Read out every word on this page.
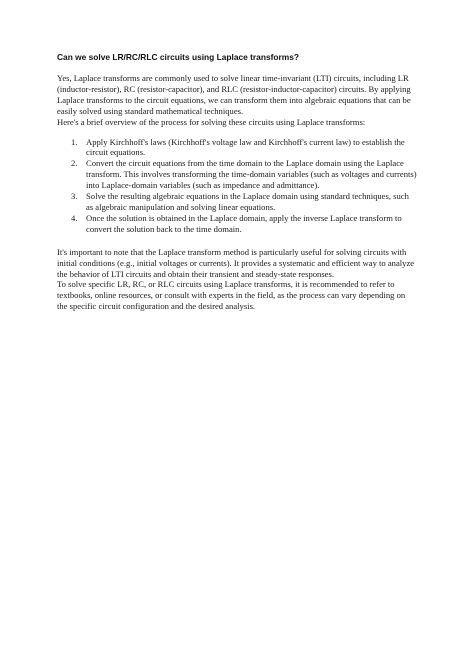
Can we solve LR/RC/RLC circuits using Laplace transforms?

Yes, Laplace transforms are commonly used to solve linear time-invariant (LTI) circuits, including LR (inductor-resistor), RC (resistor-capacitor), and RLC (resistor-inductor-capacitor) circuits. By applying Laplace transforms to the circuit equations, we can transform them into algebraic equations that can be easily solved using standard mathematical techniques.

Here's a brief overview of the process for solving these circuits using Laplace transforms:

1. Apply Kirchhoff's laws (Kirchhoff's voltage law and Kirchhoff's current law) to establish the circuit equations.
2. Convert the circuit equations from the time domain to the Laplace domain using the Laplace transform. This involves transforming the time-domain variables (such as voltages and currents) into Laplace-domain variables (such as impedance and admittance).
3. Solve the resulting algebraic equations in the Laplace domain using standard techniques, such as algebraic manipulation and solving linear equations.
4. Once the solution is obtained in the Laplace domain, apply the inverse Laplace transform to convert the solution back to the time domain.

It's important to note that the Laplace transform method is particularly useful for solving circuits with initial conditions (e.g., initial voltages or currents). It provides a systematic and efficient way to analyze the behavior of LTI circuits and obtain their transient and steady-state responses.

To solve specific LR, RC, or RLC circuits using Laplace transforms, it is recommended to refer to textbooks, online resources, or consult with experts in the field, as the process can vary depending on the specific circuit configuration and the desired analysis.
